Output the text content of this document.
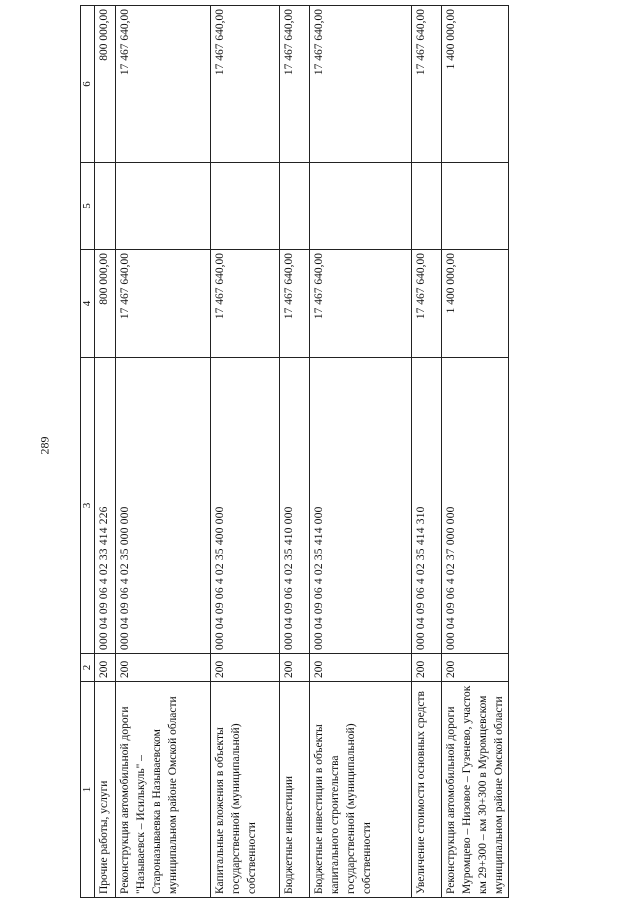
289
1	2	3	4	5	6
Прочие работы, услуги	200	000 04 09 06 4 02 33 414 226	800 000,00		800 000,00
Реконструкция автомобильной дороги "Называевск – Исилькуль" – Староназываевка в Называевском муниципальном районе Омской области	200	000 04 09 06 4 02 35 000 000	17 467 640,00		17 467 640,00
Капитальные вложения в объекты государственной (муниципальной) собственности	200	000 04 09 06 4 02 35 400 000	17 467 640,00		17 467 640,00
Бюджетные инвестиции	200	000 04 09 06 4 02 35 410 000	17 467 640,00		17 467 640,00
Бюджетные инвестиции в объекты капитального строительства государственной (муниципальной) собственности	200	000 04 09 06 4 02 35 414 000	17 467 640,00		17 467 640,00
Увеличение стоимости основных средств	200	000 04 09 06 4 02 35 414 310	17 467 640,00		17 467 640,00
Реконструкция автомобильной дороги Муромцево – Низовое – Гузенево, участок км 29+300 – км 30+300 в Муромцевском муниципальном районе Омской области	200	000 04 09 06 4 02 37 000 000	1 400 000,00		1 400 000,00
